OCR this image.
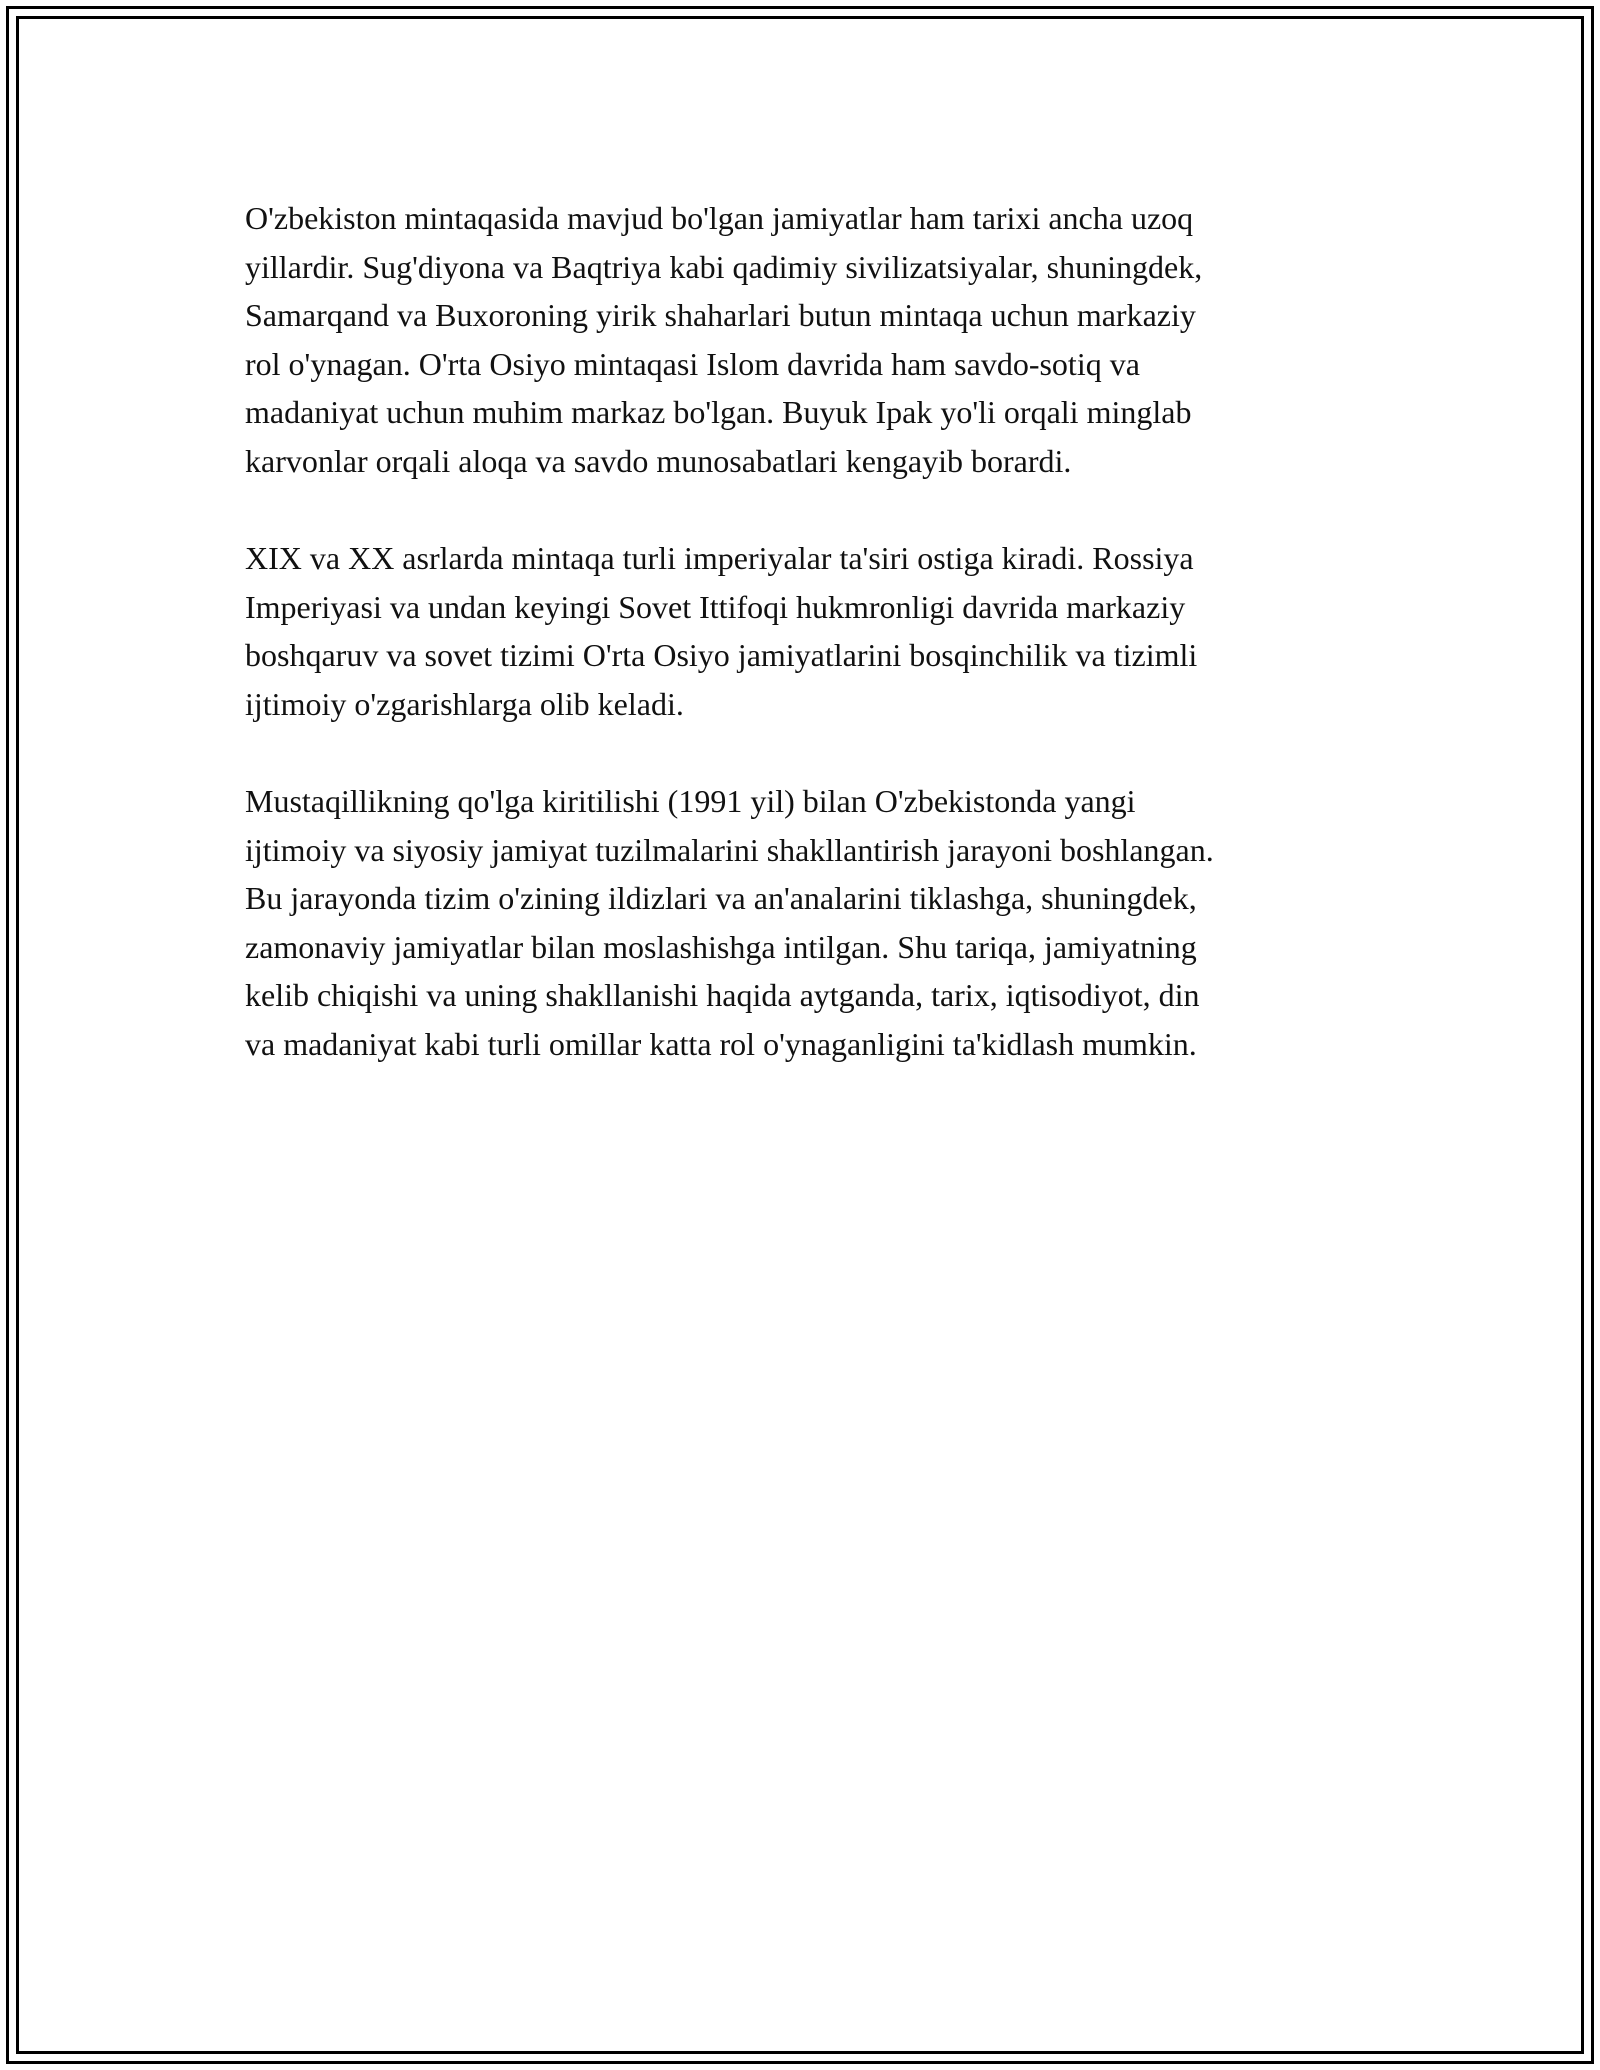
O'zbekiston mintaqasida mavjud bo'lgan jamiyatlar ham tarixi ancha uzoq
yillardir. Sug'diyona va Baqtriya kabi qadimiy sivilizatsiyalar, shuningdek,
Samarqand va Buxoroning yirik shaharlari butun mintaqa uchun markaziy
rol o'ynagan. O'rta Osiyo mintaqasi Islom davrida ham savdo-sotiq va
madaniyat uchun muhim markaz bo'lgan. Buyuk Ipak yo'li orqali minglab
karvonlar orqali aloqa va savdo munosabatlari kengayib borardi.

XIX va XX asrlarda mintaqa turli imperiyalar ta'siri ostiga kiradi. Rossiya
Imperiyasi va undan keyingi Sovet Ittifoqi hukmronligi davrida markaziy
boshqaruv va sovet tizimi O'rta Osiyo jamiyatlarini bosqinchilik va tizimli
ijtimoiy o'zgarishlarga olib keladi.

Mustaqillikning qo'lga kiritilishi (1991 yil) bilan O'zbekistonda yangi
ijtimoiy va siyosiy jamiyat tuzilmalarini shakllantirish jarayoni boshlangan.
Bu jarayonda tizim o'zining ildizlari va an'analarini tiklashga, shuningdek,
zamonaviy jamiyatlar bilan moslashishga intilgan. Shu tariqa, jamiyatning
kelib chiqishi va uning shakllanishi haqida aytganda, tarix, iqtisodiyot, din
va madaniyat kabi turli omillar katta rol o'ynaganligini ta'kidlash mumkin.
